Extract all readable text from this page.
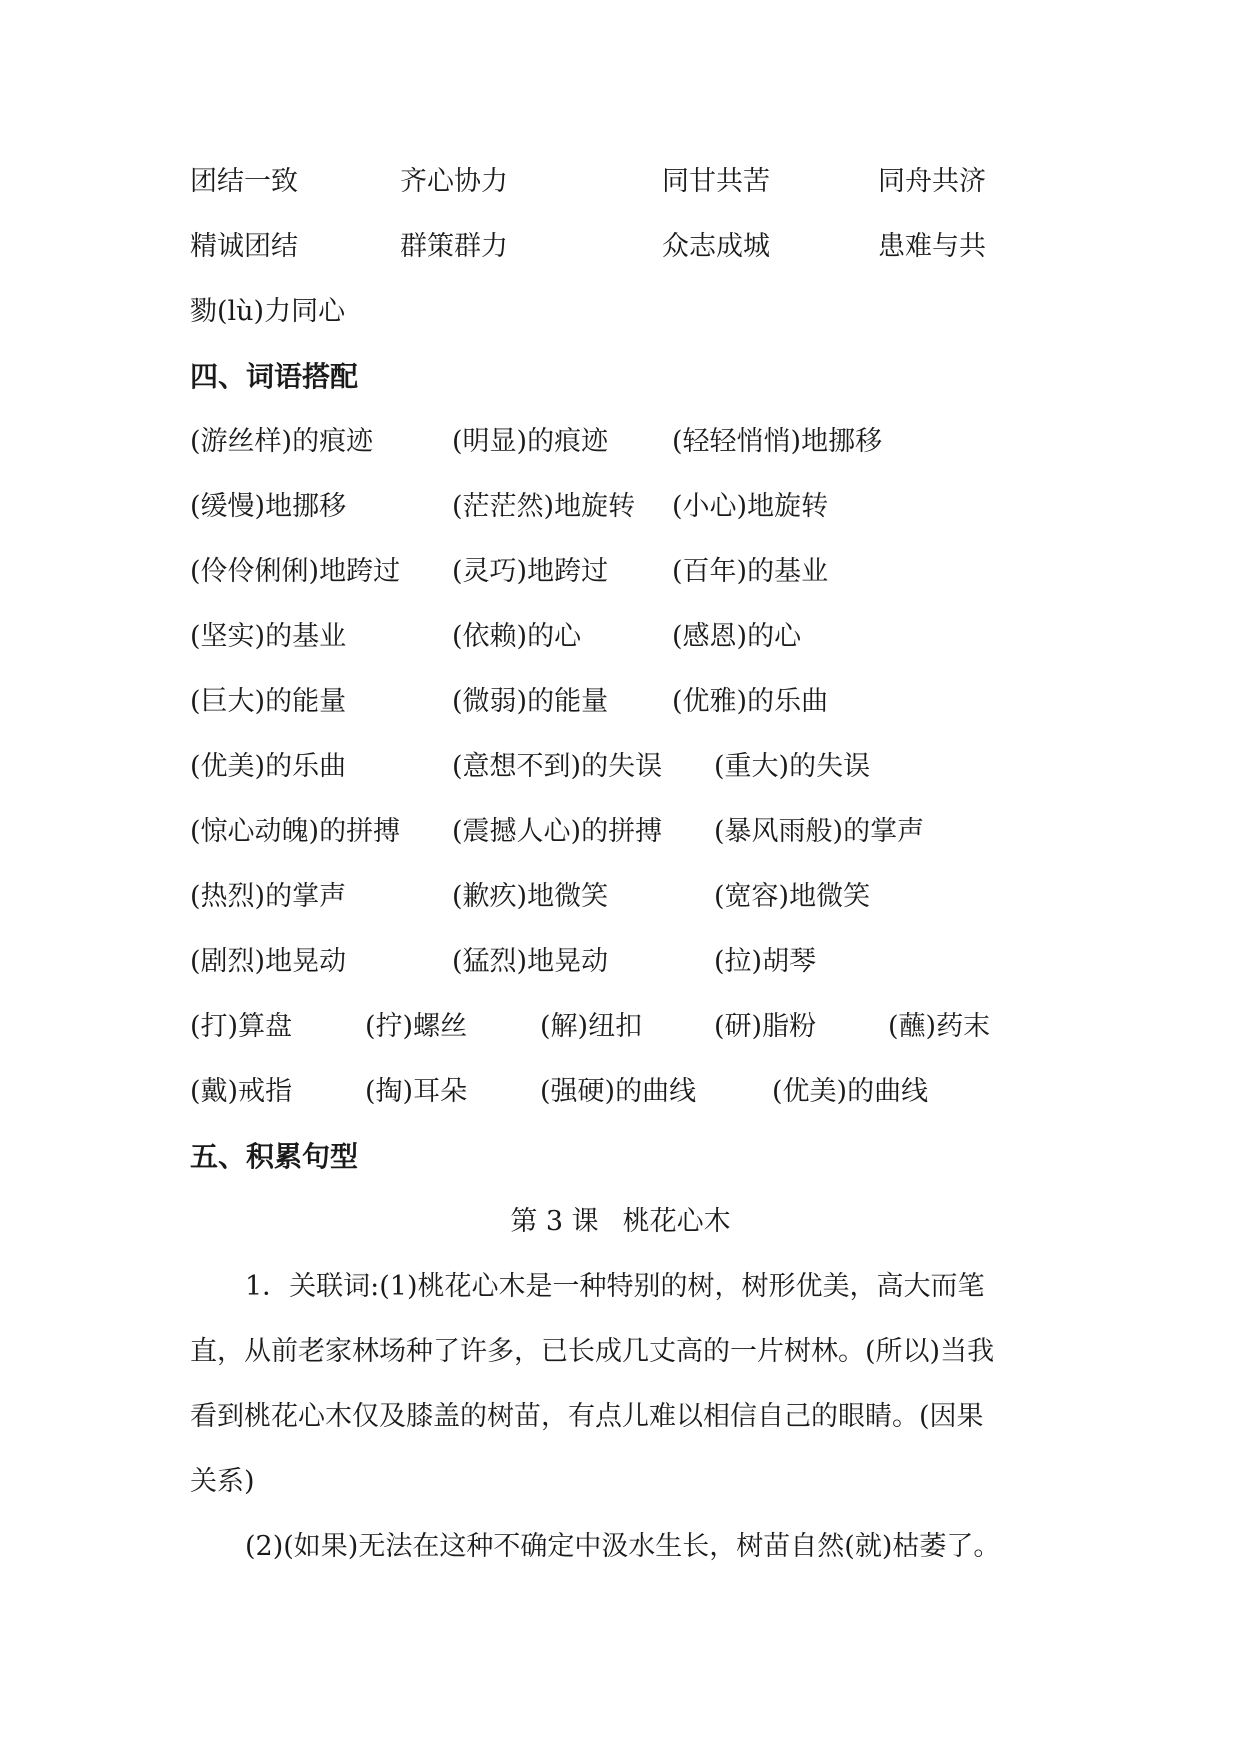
团结一致	齐心协力	同甘共苦	同舟共济
精诚团结	群策群力	众志成城	患难与共
勠(lù)力同心
四、词语搭配
(游丝样)的痕迹	(明显)的痕迹 (轻轻悄悄)地挪移
(缓慢)地挪移	(茫茫然)地旋转 (小心)地旋转
(伶伶俐俐)地跨过 (灵巧)地跨过 (百年)的基业
(坚实)的基业	(依赖)的心	(感恩)的心
(巨大)的能量	(微弱)的能量 (优雅)的乐曲
(优美)的乐曲	(意想不到)的失误 (重大)的失误
(惊心动魄)的拼搏 (震撼人心)的拼搏 (暴风雨般)的掌声
(热烈)的掌声	(歉疚)地微笑	(宽容)地微笑
(剧烈)地晃动	(猛烈)地晃动	(拉)胡琴
(打)算盘	(拧)螺丝	(解)纽扣	(研)脂粉	(蘸)药末
(戴)戒指	(掏)耳朵	(强硬)的曲线	(优美)的曲线
五、积累句型
第 3 课 桃花心木
1．关联词:(1)桃花心木是一种特别的树，树形优美，高大而笔
直，从前老家林场种了许多，已长成几丈高的一片树林。(所以)当我
看到桃花心木仅及膝盖的树苗，有点儿难以相信自己的眼睛。(因果
关系)
(2)(如果)无法在这种不确定中汲水生长，树苗自然(就)枯萎了。
